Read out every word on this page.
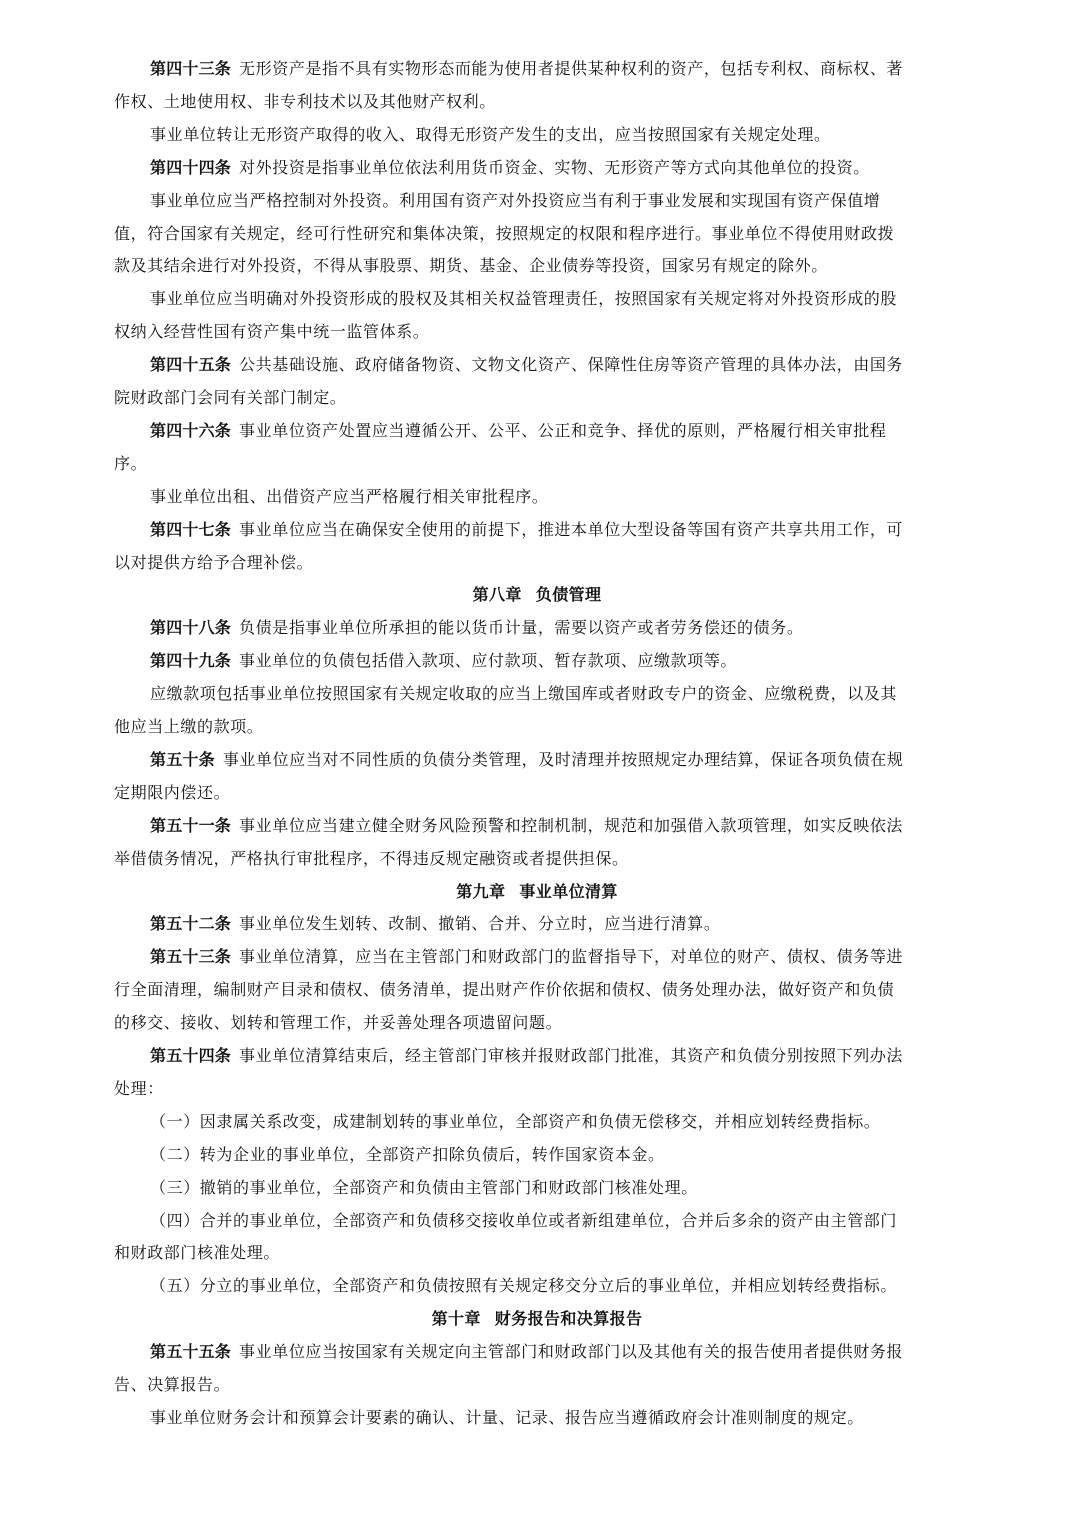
第四十三条 无形资产是指不具有实物形态而能为使用者提供某种权利的资产，包括专利权、商标权、著
作权、土地使用权、非专利技术以及其他财产权利。
事业单位转让无形资产取得的收入、取得无形资产发生的支出，应当按照国家有关规定处理。
第四十四条 对外投资是指事业单位依法利用货币资金、实物、无形资产等方式向其他单位的投资。
事业单位应当严格控制对外投资。利用国有资产对外投资应当有利于事业发展和实现国有资产保值增
值，符合国家有关规定，经可行性研究和集体决策，按照规定的权限和程序进行。事业单位不得使用财政拨
款及其结余进行对外投资，不得从事股票、期货、基金、企业债券等投资，国家另有规定的除外。
事业单位应当明确对外投资形成的股权及其相关权益管理责任，按照国家有关规定将对外投资形成的股
权纳入经营性国有资产集中统一监管体系。
第四十五条 公共基础设施、政府储备物资、文物文化资产、保障性住房等资产管理的具体办法，由国务
院财政部门会同有关部门制定。
第四十六条 事业单位资产处置应当遵循公开、公平、公正和竞争、择优的原则，严格履行相关审批程
序。
事业单位出租、出借资产应当严格履行相关审批程序。
第四十七条 事业单位应当在确保安全使用的前提下，推进本单位大型设备等国有资产共享共用工作，可
以对提供方给予合理补偿。
第八章 负债管理
第四十八条 负债是指事业单位所承担的能以货币计量，需要以资产或者劳务偿还的债务。
第四十九条 事业单位的负债包括借入款项、应付款项、暂存款项、应缴款项等。
应缴款项包括事业单位按照国家有关规定收取的应当上缴国库或者财政专户的资金、应缴税费，以及其
他应当上缴的款项。
第五十条 事业单位应当对不同性质的负债分类管理，及时清理并按照规定办理结算，保证各项负债在规
定期限内偿还。
第五十一条 事业单位应当建立健全财务风险预警和控制机制，规范和加强借入款项管理，如实反映依法
举借债务情况，严格执行审批程序，不得违反规定融资或者提供担保。
第九章 事业单位清算
第五十二条 事业单位发生划转、改制、撤销、合并、分立时，应当进行清算。
第五十三条 事业单位清算，应当在主管部门和财政部门的监督指导下，对单位的财产、债权、债务等进
行全面清理，编制财产目录和债权、债务清单，提出财产作价依据和债权、债务处理办法，做好资产和负债
的移交、接收、划转和管理工作，并妥善处理各项遗留问题。
第五十四条 事业单位清算结束后，经主管部门审核并报财政部门批准，其资产和负债分别按照下列办法
处理：
（一）因隶属关系改变，成建制划转的事业单位，全部资产和负债无偿移交，并相应划转经费指标。
（二）转为企业的事业单位，全部资产扣除负债后，转作国家资本金。
（三）撤销的事业单位，全部资产和负债由主管部门和财政部门核准处理。
（四）合并的事业单位，全部资产和负债移交接收单位或者新组建单位，合并后多余的资产由主管部门
和财政部门核准处理。
（五）分立的事业单位，全部资产和负债按照有关规定移交分立后的事业单位，并相应划转经费指标。
第十章 财务报告和决算报告
第五十五条 事业单位应当按国家有关规定向主管部门和财政部门以及其他有关的报告使用者提供财务报
告、决算报告。
事业单位财务会计和预算会计要素的确认、计量、记录、报告应当遵循政府会计准则制度的规定。
